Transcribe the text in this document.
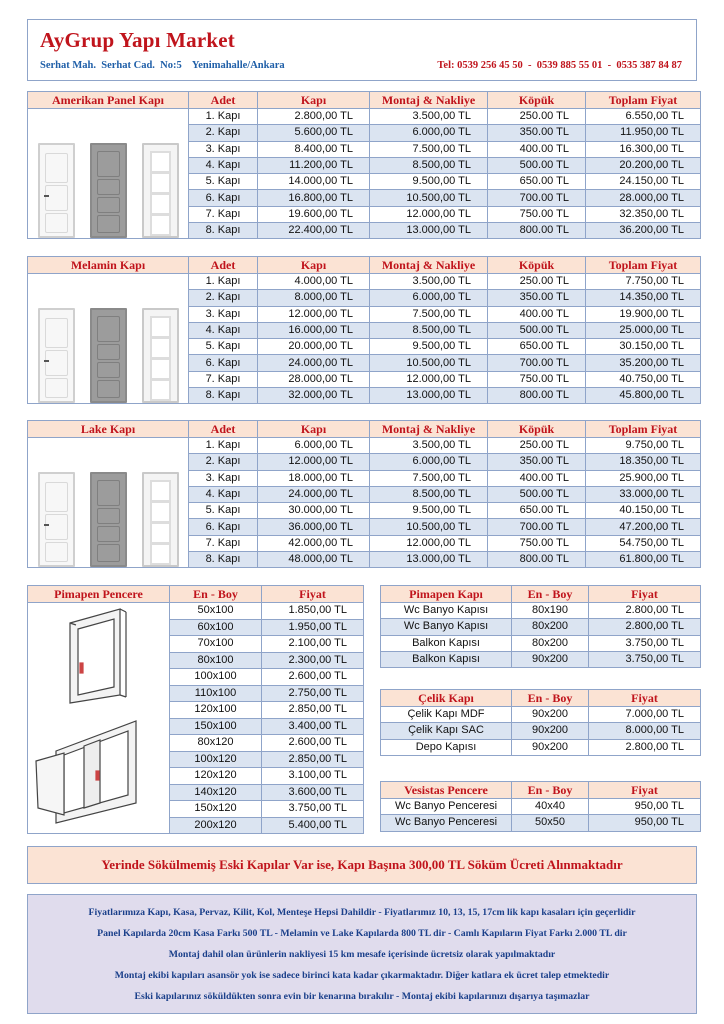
AyGrup Yapı Market
Serhat Mah.  Serhat Cad.  No:5    Yenimahalle/Ankara	Tel: 0539 256 45 50  -  0539 885 55 01  -  0535 387 84 87
Amerikan Panel Kapı	Adet	Kapı	Montaj & Nakliye	Köpük	Toplam Fiyat

	1. Kapı	2.800,00 TL	3.500,00 TL	250.00 TL	6.550,00 TL
	2. Kapı	5.600,00 TL	6.000,00 TL	350.00 TL	11.950,00 TL
	3. Kapı	8.400,00 TL	7.500,00 TL	400.00 TL	16.300,00 TL
	4. Kapı	11.200,00 TL	8.500,00 TL	500.00 TL	20.200,00 TL
	5. Kapı	14.000,00 TL	9.500,00 TL	650.00 TL	24.150,00 TL
	6. Kapı	16.800,00 TL	10.500,00 TL	700.00 TL	28.000,00 TL
	7. Kapı	19.600,00 TL	12.000,00 TL	750.00 TL	32.350,00 TL
	8. Kapı	22.400,00 TL	13.000,00 TL	800.00 TL	36.200,00 TL
Melamin Kapı	Adet	Kapı	Montaj & Nakliye	Köpük	Toplam Fiyat

	1. Kapı	4.000,00 TL	3.500,00 TL	250.00 TL	7.750,00 TL
	2. Kapı	8.000,00 TL	6.000,00 TL	350.00 TL	14.350,00 TL
	3. Kapı	12.000,00 TL	7.500,00 TL	400.00 TL	19.900,00 TL
	4. Kapı	16.000,00 TL	8.500,00 TL	500.00 TL	25.000,00 TL
	5. Kapı	20.000,00 TL	9.500,00 TL	650.00 TL	30.150,00 TL
	6. Kapı	24.000,00 TL	10.500,00 TL	700.00 TL	35.200,00 TL
	7. Kapı	28.000,00 TL	12.000,00 TL	750.00 TL	40.750,00 TL
	8. Kapı	32.000,00 TL	13.000,00 TL	800.00 TL	45.800,00 TL
Lake Kapı	Adet	Kapı	Montaj & Nakliye	Köpük	Toplam Fiyat

	1. Kapı	6.000,00 TL	3.500,00 TL	250.00 TL	9.750,00 TL
	2. Kapı	12.000,00 TL	6.000,00 TL	350.00 TL	18.350,00 TL
	3. Kapı	18.000,00 TL	7.500,00 TL	400.00 TL	25.900,00 TL
	4. Kapı	24.000,00 TL	8.500,00 TL	500.00 TL	33.000,00 TL
	5. Kapı	30.000,00 TL	9.500,00 TL	650.00 TL	40.150,00 TL
	6. Kapı	36.000,00 TL	10.500,00 TL	700.00 TL	47.200,00 TL
	7. Kapı	42.000,00 TL	12.000,00 TL	750.00 TL	54.750,00 TL
	8. Kapı	48.000,00 TL	13.000,00 TL	800.00 TL	61.800,00 TL
Pimapen Pencere	En - Boy	Fiyat
	50x100	1.850,00 TL
	60x100	1.950,00 TL
	70x100	2.100,00 TL
	80x100	2.300,00 TL
	100x100	2.600,00 TL
	110x100	2.750,00 TL
	120x100	2.850,00 TL
	150x100	3.400,00 TL
	80x120	2.600,00 TL
	100x120	2.850,00 TL
	120x120	3.100,00 TL
	140x120	3.600,00 TL
	150x120	3.750,00 TL
	200x120	5.400,00 TL
Pimapen Kapı	En - Boy	Fiyat
Wc Banyo Kapısı	80x190	2.800,00 TL
Wc Banyo Kapısı	80x200	2.800,00 TL
Balkon Kapısı	80x200	3.750,00 TL
Balkon Kapısı	90x200	3.750,00 TL
Çelik Kapı	En - Boy	Fiyat
Çelik Kapı MDF	90x200	7.000,00 TL
Çelik Kapı SAC	90x200	8.000,00 TL
Depo Kapısı	90x200	2.800,00 TL
Vesistas Pencere	En - Boy	Fiyat
Wc Banyo Penceresi	40x40	950,00 TL
Wc Banyo Penceresi	50x50	950,00 TL
Yerinde Sökülmemiş Eski Kapılar Var ise, Kapı Başına 300,00 TL Söküm Ücreti Alınmaktadır
Fiyatlarımıza Kapı, Kasa, Pervaz, Kilit, Kol, Menteşe Hepsi Dahildir - Fiyatlarımız 10, 13, 15, 17cm lik kapı kasaları için geçerlidir
Panel Kapılarda 20cm Kasa Farkı 500 TL - Melamin ve Lake Kapılarda 800 TL dir - Camlı Kapıların Fiyat Farkı 2.000 TL dir
Montaj dahil olan ürünlerin nakliyesi 15 km mesafe içerisinde ücretsiz olarak yapılmaktadır
Montaj ekibi kapıları asansör yok ise sadece birinci kata kadar çıkarmaktadır. Diğer katlara ek ücret talep etmektedir
Eski kapılarınız söküldükten sonra evin bir kenarına bırakılır - Montaj ekibi kapılarınızı dışarıya taşımazlar
